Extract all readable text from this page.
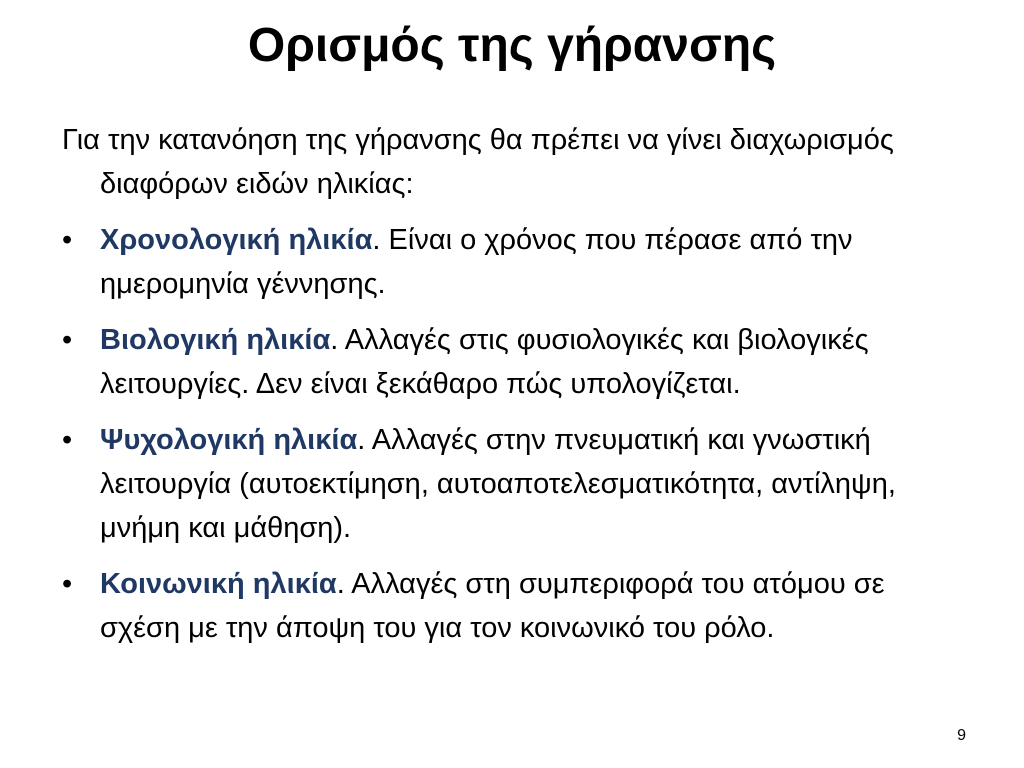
Ορισμός της γήρανσης

Για την κατανόηση της γήρανσης θα πρέπει να γίνει διαχωρισμός διαφόρων ειδών ηλικίας:

• Χρονολογική ηλικία. Είναι ο χρόνος που πέρασε από την ημερομηνία γέννησης.
• Βιολογική ηλικία. Αλλαγές στις φυσιολογικές και βιολογικές λειτουργίες. Δεν είναι ξεκάθαρο πώς υπολογίζεται.
• Ψυχολογική ηλικία. Αλλαγές στην πνευματική και γνωστική λειτουργία (αυτοεκτίμηση, αυτοαποτελεσματικότητα, αντίληψη, μνήμη και μάθηση).
• Κοινωνική ηλικία. Αλλαγές στη συμπεριφορά του ατόμου σε σχέση με την άποψη του για τον κοινωνικό του ρόλο.
9
